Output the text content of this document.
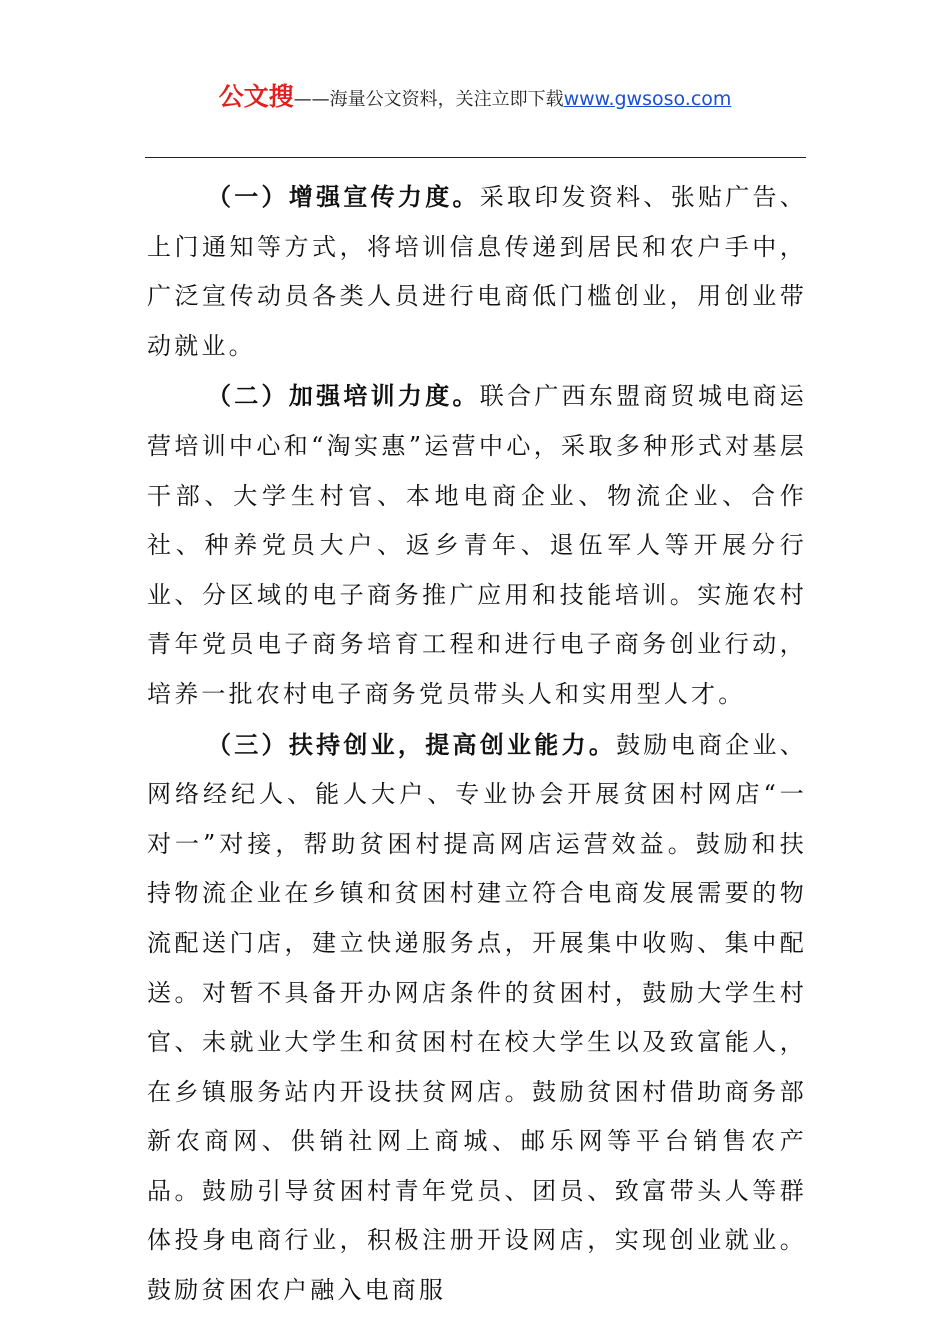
公文搜——海量公文资料，关注立即下载www.gwsoso.com

（一）增强宣传力度。采取印发资料、张贴广告、上门通知等方式，将培训信息传递到居民和农户手中，广泛宣传动员各类人员进行电商低门槛创业，用创业带动就业。

（二）加强培训力度。联合广西东盟商贸城电商运营培训中心和“淘实惠”运营中心，采取多种形式对基层干部、大学生村官、本地电商企业、物流企业、合作社、种养党员大户、返乡青年、退伍军人等开展分行业、分区域的电子商务推广应用和技能培训。实施农村青年党员电子商务培育工程和进行电子商务创业行动，培养一批农村电子商务党员带头人和实用型人才。

（三）扶持创业，提高创业能力。鼓励电商企业、网络经纪人、能人大户、专业协会开展贫困村网店“一对一”对接，帮助贫困村提高网店运营效益。鼓励和扶持物流企业在乡镇和贫困村建立符合电商发展需要的物流配送门店，建立快递服务点，开展集中收购、集中配送。对暂不具备开办网店条件的贫困村，鼓励大学生村官、未就业大学生和贫困村在校大学生以及致富能人，在乡镇服务站内开设扶贫网店。鼓励贫困村借助商务部新农商网、供销社网上商城、邮乐网等平台销售农产品。鼓励引导贫困村青年党员、团员、致富带头人等群体投身电商行业，积极注册开设网店，实现创业就业。鼓励贫困农户融入电商服
